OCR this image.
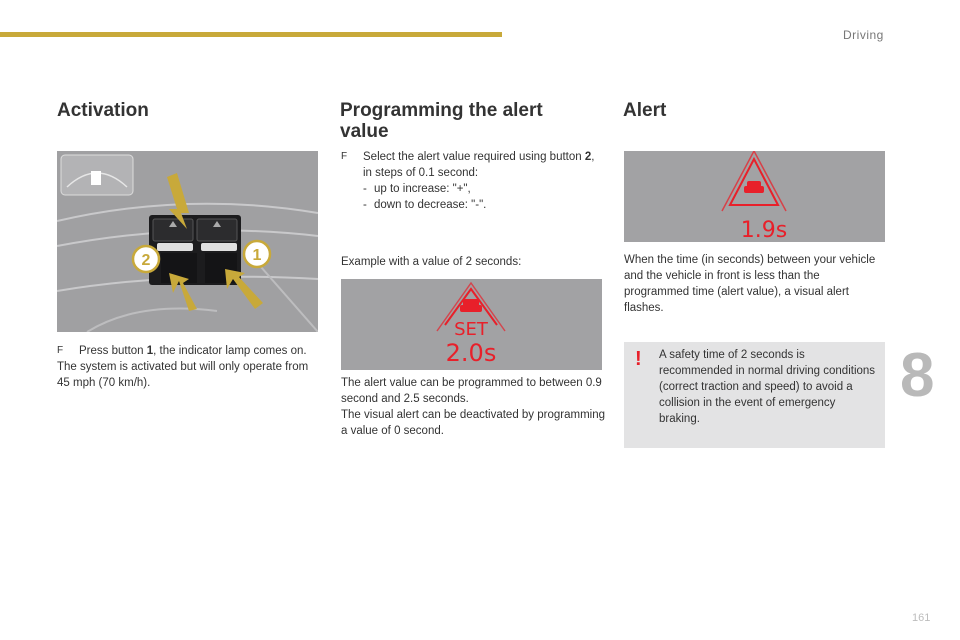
Driving
8
161
Activation
2	1
F Press button 1, the indicator lamp comes on.
The system is activated but will only operate from 45 mph (70 km/h).
Programming the alert value
F Select the alert value required using button 2, in steps of 0.1 second:
- up to increase: "+",
- down to decrease: "-".
Example with a value of 2 seconds:
SET
2.0s
The alert value can be programmed to between 0.9 second and 2.5 seconds.
The visual alert can be deactivated by programming a value of 0 second.
Alert
1.9s
When the time (in seconds) between your vehicle and the vehicle in front is less than the programmed time (alert value), a visual alert flashes.
! A safety time of 2 seconds is recommended in normal driving conditions (correct traction and speed) to avoid a collision in the event of emergency braking.
